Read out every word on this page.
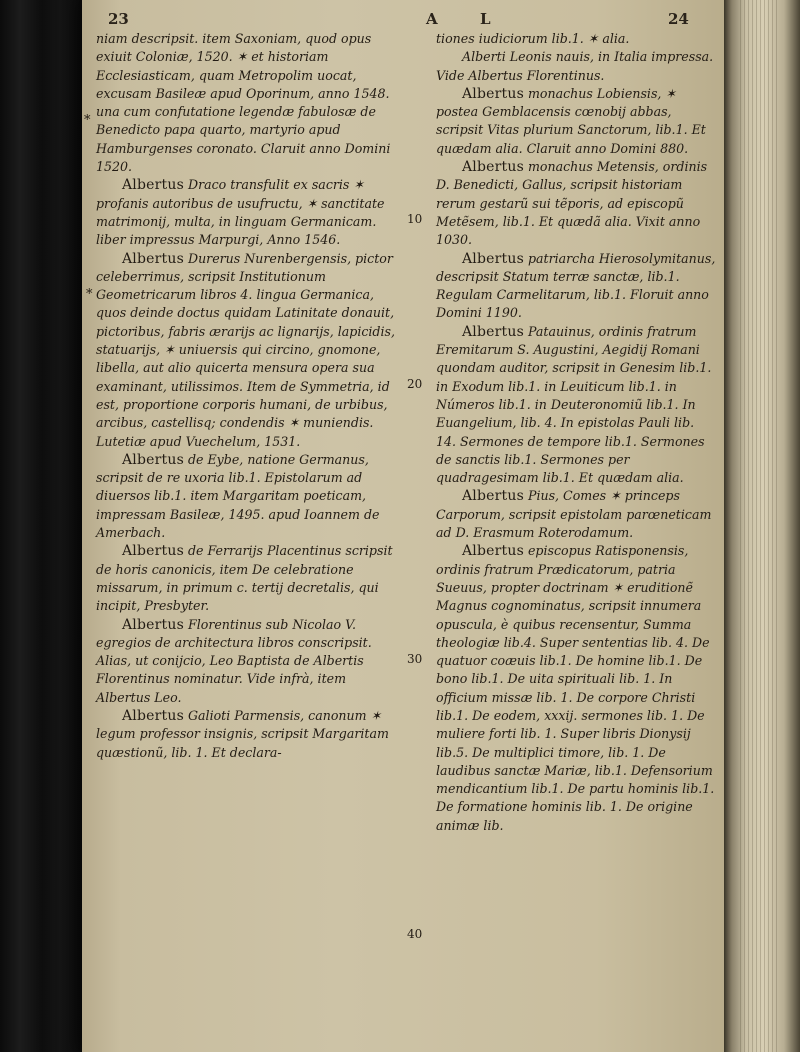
23	A	L	24
*
*
10
20
30
40

niam descripsit. item Saxoniam, quod opus exiuit Coloniæ, 1520. ✶ et historiam Ecclesiasticam, quam Metropolim uocat, excusam Basileæ apud Oporinum, anno 1548. una cum confutatione legendæ fabulosæ de Benedicto papa quarto, martyrio apud Hamburgenses coronato. Claruit anno Domini 1520.

Albertus Draco transfulit ex sacris ✶ profanis autoribus de usufructu, ✶ sanctitate matrimonij, multa, in linguam Germanicam. liber impressus Marpurgi, Anno 1546.

Albertus Durerus Nurenbergensis, pictor celeberrimus, scripsit Institutionum Geometricarum libros 4. lingua Germanica, quos deinde doctus quidam Latinitate donauit, pictoribus, fabris ærarijs ac lignarijs, lapicidis, statuarijs, ✶ uniuersis qui circino, gnomone, libella, aut alio quicerta mensura opera sua examinant, utilissimos. Item de Symmetria, id est, proportione corporis humani, de urbibus, arcibus, castellisq; condendis ✶ muniendis. Lutetiæ apud Vuechelum, 1531.

Albertus de Eybe, natione Germanus, scripsit de re uxoria lib.1. Epistolarum ad diuersos lib.1. item Margaritam poeticam, impressam Basileæ, 1495. apud Ioannem de Amerbach.

Albertus de Ferrarijs Placentinus scripsit de horis canonicis, item De celebratione missarum, in primum c. tertij decretalis, qui incipit, Presbyter.

Albertus Florentinus sub Nicolao V. egregios de architectura libros conscripsit. Alias, ut conijcio, Leo Baptista de Albertis Florentinus nominatur. Vide infrà, item Albertus Leo.

Albertus Galioti Parmensis, canonum ✶ legum professor insignis, scripsit Margaritam quæstionũ, lib. 1. Et declara-

tiones iudiciorum lib.1. ✶ alia.

Alberti Leonis nauis, in Italia impressa. Vide Albertus Florentinus.

Albertus monachus Lobiensis, ✶ postea Gemblacensis cœnobij abbas, scripsit Vitas plurium Sanctorum, lib.1. Et quædam alia. Claruit anno Domini 880.

Albertus monachus Metensis, ordinis D. Benedicti, Gallus, scripsit historiam rerum gestarũ sui tẽporis, ad episcopũ Metẽsem, lib.1. Et quædã alia. Vixit anno 1030.

Albertus patriarcha Hierosolymitanus, descripsit Statum terræ sanctæ, lib.1. Regulam Carmelitarum, lib.1. Floruit anno Domini 1190.

Albertus Patauinus, ordinis fratrum Eremitarum S. Augustini, Aegidij Romani quondam auditor, scripsit in Genesim lib.1. in Exodum lib.1. in Leuiticum lib.1. in Números lib.1. in Deuteronomiũ lib.1. In Euangelium, lib. 4. In epistolas Pauli lib. 14. Sermones de tempore lib.1. Sermones de sanctis lib.1. Sermones per quadragesimam lib.1. Et quædam alia.

Albertus Pius, Comes ✶ princeps Carporum, scripsit epistolam parœneticam ad D. Erasmum Roterodamum.

Albertus episcopus Ratisponensis, ordinis fratrum Prædicatorum, patria Sueuus, propter doctrinam ✶ eruditionẽ Magnus cognominatus, scripsit innumera opuscula, è quibus recensentur, Summa theologiæ lib.4. Super sententias lib. 4. De quatuor coæuis lib.1. De homine lib.1. De bono lib.1. De uita spirituali lib. 1. In officium missæ lib. 1. De corpore Christi lib.1. De eodem, xxxij. sermones lib. 1. De muliere forti lib. 1. Super libris Dionysij lib.5. De multiplici timore, lib. 1. De laudibus sanctæ Mariæ, lib.1. Defensorium mendicantium lib.1. De partu hominis lib.1. De formatione hominis lib. 1. De origine animæ lib.
